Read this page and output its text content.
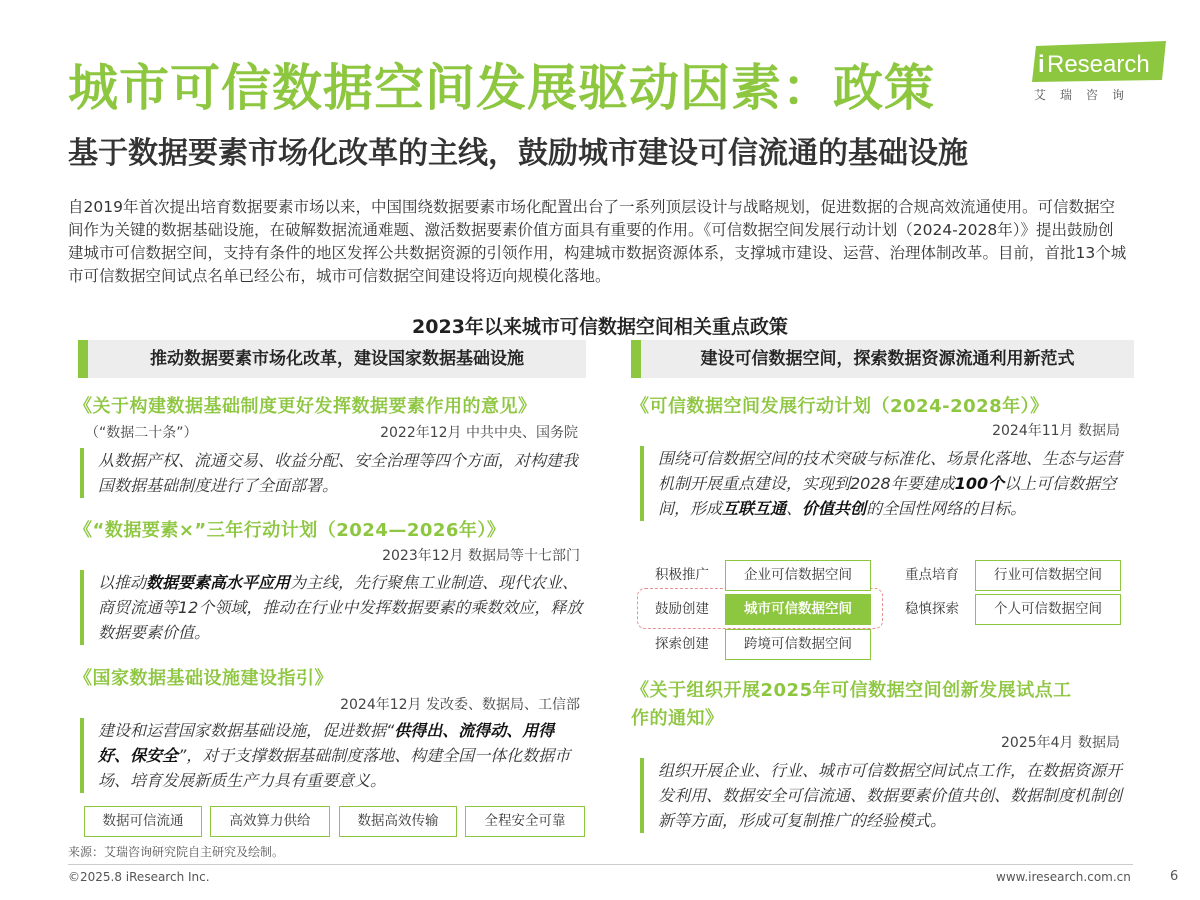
城市可信数据空间发展驱动因素：政策
基于数据要素市场化改革的主线，鼓励城市建设可信流通的基础设施
i Research
艾瑞咨询

自2019年首次提出培育数据要素市场以来，中国围绕数据要素市场化配置出台了一系列顶层设计与战略规划，促进数据的合规高效流通使用。可信数据空间作为关键的数据基础设施，在破解数据流通难题、激活数据要素价值方面具有重要的作用。《可信数据空间发展行动计划（2024-2028年）》提出鼓励创建城市可信数据空间，支持有条件的地区发挥公共数据资源的引领作用，构建城市数据资源体系，支撑城市建设、运营、治理体制改革。目前，首批13个城市可信数据空间试点名单已经公布，城市可信数据空间建设将迈向规模化落地。

2023年以来城市可信数据空间相关重点政策
推动数据要素市场化改革，建设国家数据基础设施
《关于构建数据基础制度更好发挥数据要素作用的意见》
（“数据二十条”）	2022年12月 中共中央、国务院
从数据产权、流通交易、收益分配、安全治理等四个方面，对构建我国数据基础制度进行了全面部署。
《“数据要素×”三年行动计划（2024—2026年）》
2023年12月 数据局等十七部门
以推动数据要素高水平应用为主线，先行聚焦工业制造、现代农业、商贸流通等12个领域，推动在行业中发挥数据要素的乘数效应，释放数据要素价值。
《国家数据基础设施建设指引》
2024年12月 发改委、数据局、工信部
建设和运营国家数据基础设施，促进数据“供得出、流得动、用得好、保安全”，对于支撑数据基础制度落地、构建全国一体化数据市场、培育发展新质生产力具有重要意义。
数据可信流通	高效算力供给	数据高效传输	全程安全可靠
建设可信数据空间，探索数据资源流通利用新范式
《可信数据空间发展行动计划（2024-2028年）》
2024年11月 数据局
围绕可信数据空间的技术突破与标准化、场景化落地、生态与运营机制开展重点建设，实现到2028年要建成100个以上可信数据空间，形成互联互通、价值共创的全国性网络的目标。
积极推广	企业可信数据空间	重点培育	行业可信数据空间
鼓励创建	城市可信数据空间	稳慎探索	个人可信数据空间
探索创建	跨境可信数据空间
《关于组织开展2025年可信数据空间创新发展试点工
作的通知》
2025年4月 数据局
组织开展企业、行业、城市可信数据空间试点工作，在数据资源开发利用、数据安全可信流通、数据要素价值共创、数据制度机制创新等方面，形成可复制推广的经验模式。
来源：艾瑞咨询研究院自主研究及绘制。
©2025.8 iResearch Inc.	www.iresearch.com.cn	6
